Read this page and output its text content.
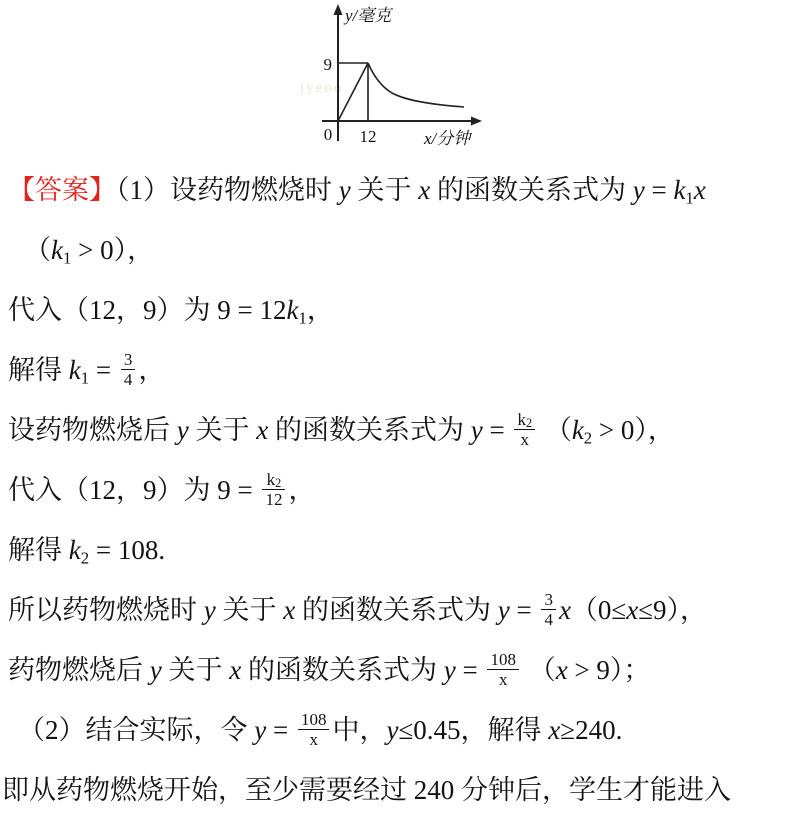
jyeoo
9
0 12
y/毫克
x/分钟
【答案】（1）设药物燃烧时 y 关于 x 的函数关系式为 $y = k_1x$
$(k_1 > 0)$，
代入（12，9）为 $9 = 12k_1$，
解得 $k_1 = \frac{3}{4}$ ，
设药物燃烧后 y 关于 x 的函数关系式为 $y = \frac{k_2}{x} (k_2 > 0)$，
代入（12，9）为 $9 = \frac{k_2}{12}$ ，
解得 $k_2 = 108$.
所以药物燃烧时 y 关于 x 的函数关系式为 $y = \frac{3}{4} x(0\le x\le 9)$，
药物燃烧后 y 关于 x 的函数关系式为 $y = \frac{108}{x} (x > 9)$；
（2）结合实际，令 $y = \frac{108}{x}$ 中，y≤0.45，解得 x≥240.
即从药物燃烧开始，至少需要经过 240 分钟后，学生才能进入
